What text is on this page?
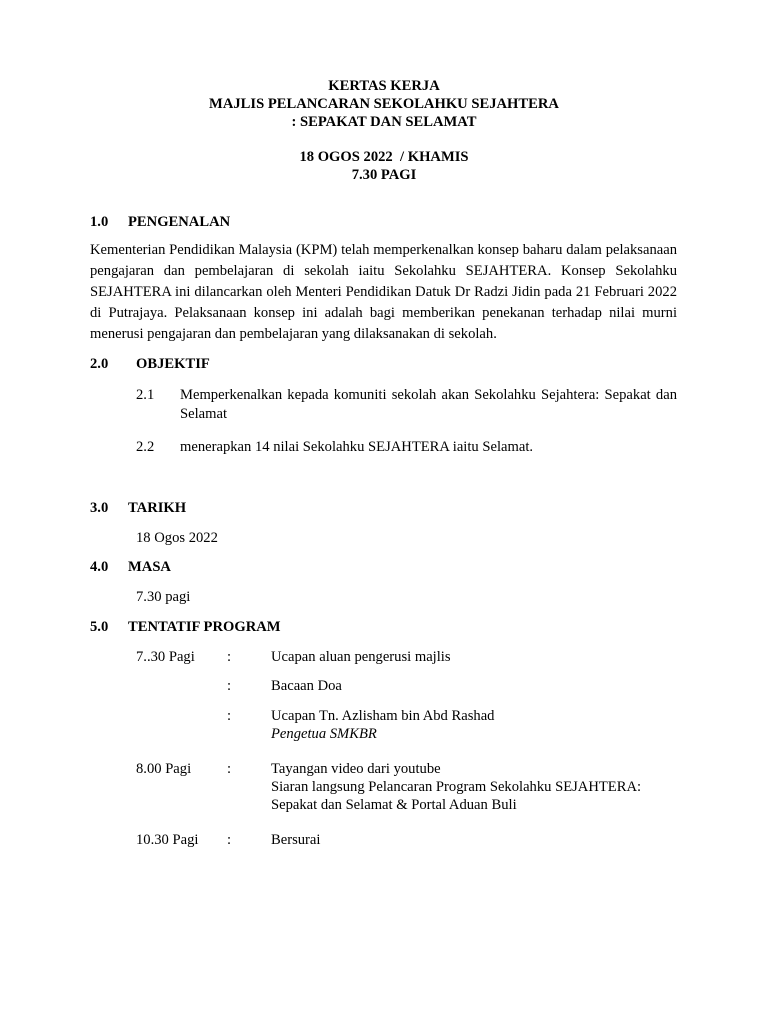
KERTAS KERJA
MAJLIS PELANCARAN SEKOLAHKU SEJAHTERA
: SEPAKAT DAN SELAMAT
18 OGOS 2022  / KHAMIS
7.30 PAGI
1.0 PENGENALAN
Kementerian Pendidikan Malaysia (KPM) telah memperkenalkan konsep baharu dalam pelaksanaan pengajaran dan pembelajaran di sekolah iaitu Sekolahku SEJAHTERA. Konsep Sekolahku SEJAHTERA ini dilancarkan oleh Menteri Pendidikan Datuk Dr Radzi Jidin pada 21 Februari 2022 di Putrajaya. Pelaksanaan konsep ini adalah bagi memberikan penekanan terhadap nilai murni menerusi pengajaran dan pembelajaran yang dilaksanakan di sekolah.
2.0 OBJEKTIF
2.1 Memperkenalkan kepada komuniti sekolah akan Sekolahku Sejahtera: Sepakat dan Selamat
2.2 menerapkan 14 nilai Sekolahku SEJAHTERA iaitu Selamat.
3.0 TARIKH
18 Ogos 2022
4.0 MASA
7.30 pagi
5.0 TENTATIF PROGRAM
7..30 Pagi :	Ucapan aluan pengerusi majlis
:	Bacaan Doa
:	Ucapan Tn. Azlisham bin Abd Rashad
Pengetua SMKBR
8.00 Pagi :	Tayangan video dari youtube
Siaran langsung Pelancaran Program Sekolahku SEJAHTERA:
Sepakat dan Selamat & Portal Aduan Buli
10.30 Pagi :	Bersurai
